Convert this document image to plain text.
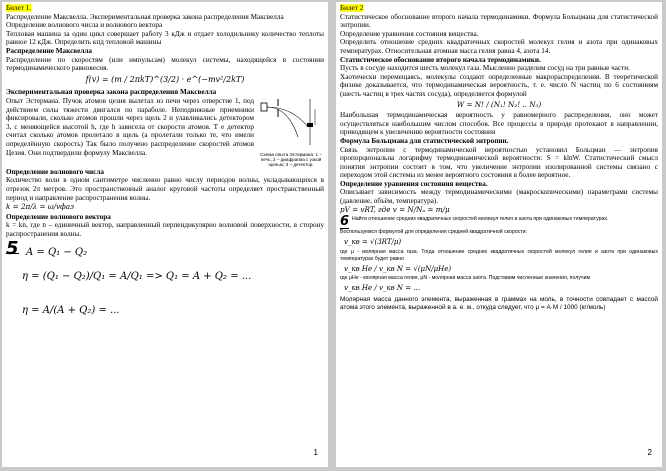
Билет 1.

Распределение Максвелла. Экспериментальная проверка закона распределения Максвелла

Определение волнового числа и волнового вектора

Тепловая машина за один цикл совершает работу 3 кДж и отдает холодильнику количество теплоты равное 12 кДж. Определить кпд тепловой машины

Распределение Максвелла

Распределение по скоростям (или импульсам) молекул системы, находящейся в состоянии термодинамического равновесия.

f(v) = (m / 2πkT)^(3/2) · e^(−mv²/2kT)

Экспериментальная проверка закона распределения Максвелла

Опыт Эстермана. Пучок атомов цезия вылетал из печи через отверстие 1, под действием силы тяжести двигался по параболе. Неподвижные приемники фиксировали, сколько атомов прошли через щель 2 и улавливались детектором 3, с меняющейся высотой h, где h зависела от скорости атомов. Т е детектор считал сколько атомов пролетало в щель (а пролетали только те, что имели определённую скорость) Так было получено распределение скоростей атомов Цезия. Они подтвердили формулу Максвелла.	Схема опыта Эстермана: 1 – печь; 2 – диафрагма с узкой щелью; 3 – детектор.

Определение волнового числа

Количество волн в одном сантиметре численно равно числу периодов волны, укладывающихся в отрезок 2π метров. Это пространственный аналог круговой частоты определяет пространственный период и направление распространения волны.

k = 2π/λ = ω/vфаз

Определение волнового вектора

k = kn, где n – единичный вектор, направленный перпендикулярно волновой поверхности, в сторону распространения волны.

5 A = Q₁ − Q₂
η = (Q₁ − Q₂)/Q₁ = A/Q₁ => Q₁ = A + Q₂ = ...
η = A/(A + Q₂) = ...
1

Билет 2

Статистическое обоснование второго начала термодинамики. Формула Больцмана для статистической энтропии.

Определение уравнения состояния вещества.

Определить отношение средних квадратичных скоростей молекул гелия и азота при одинаковых температурах. Относительная атомная масса гелия равна 4, азота 14.

Статистическое обоснование второго начала термодинамики.

Пусть в сосуде находится шесть молекул газа. Мысленно разделим сосуд на три равные части.

Хаотически перемещаясь, молекулы создают определенные макрораспределения. В теоретической физике доказывается, что термодинамическая вероятность, т. е. число N частиц по 6 состояниям (шесть частиц в трех частях сосуда), определяется формулой

W = N! / (N₁! N₂! .. N₃)

Наибольшая термодинамическая вероятность у равномерного распределения, оно может осуществляться наибольшим числом способов. Все процессы в природе протекают в направлении, приводящем к увеличению вероятности состояния

Формула Больцмана для статистической энтропии.

Связь энтропии с термодинамической вероятностью установил Больцман — энтропия пропорциональна логарифму термодинамической вероятности: S = klnW. Статистический смысл понятия энтропии состоит в том, что увеличение энтропии изолированной системы связано с переходом этой системы из менее вероятного состояния в более вероятное.

Определение уравнения состояния вещества.

Описывает зависимость между термодинамическими (макроскопическими) параметрами системы (давление, объём, температура).

pV = vRT, где v = N/Nₐ = m/μ

6 Найти отношение средних квадратичных скоростей молекул гелия и азота при одинаковых температурах.

Воспользуемся формулой для определения средней квадратичной скорости:

v_кв = √(3RT/μ)

где μ - молярная масса газа. Тогда отношение средних квадратичных скоростей молекул гелия и азота при одинаковых температурах будет равно

v_кв He / v_кв N = √(μN/μHe)

где μHe - молярная масса гелия, μN - молярная масса азота. Подставим численные значения, получим

v_кв He / v_кв N = ...

Молярная масса данного элемента, выраженная в граммах на моль, в точности совпадает с массой атома этого элемента, выраженной в а. е. м., откуда следует, что μ = A·M / 1000 (кг/моль)

2
